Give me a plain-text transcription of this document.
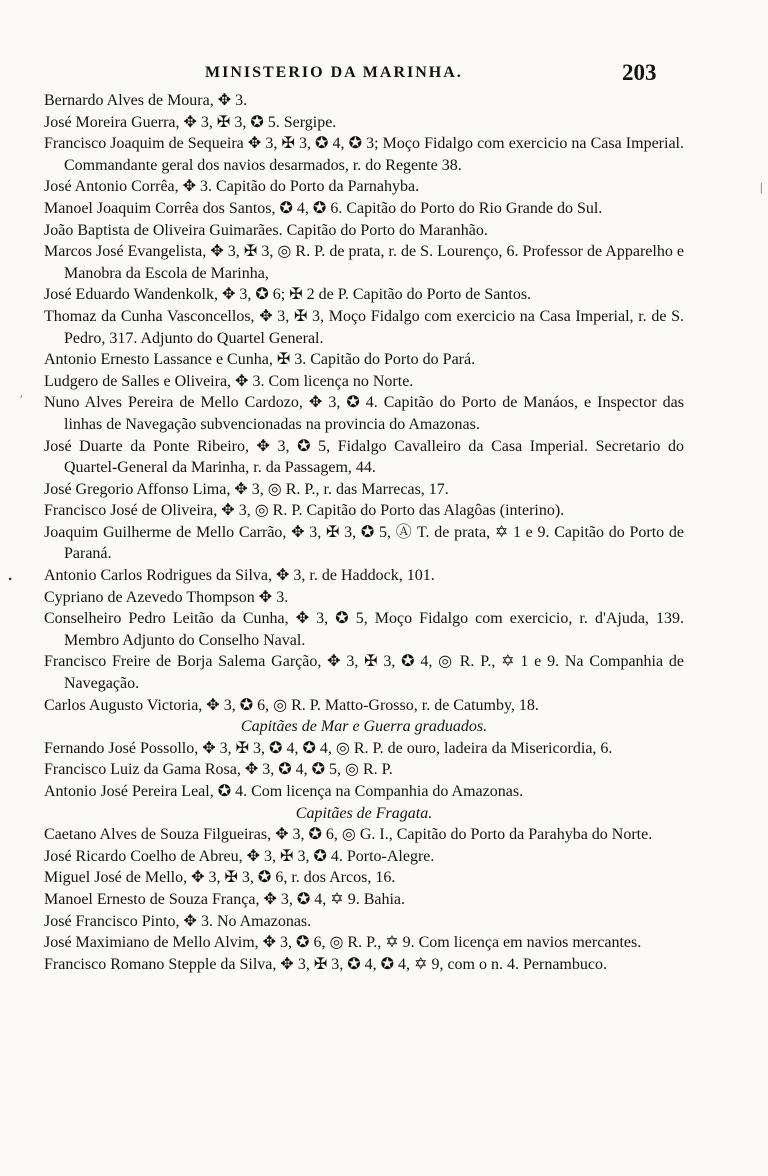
MINISTERIO DA MARINHA.	203
|
′
•

Bernardo Alves de Moura, ✥ 3.

José Moreira Guerra, ✥ 3, ✠ 3, ✪ 5. Sergipe.

Francisco Joaquim de Sequeira ✥ 3, ✠ 3, ✪ 4, ✪ 3; Moço Fidalgo com exercicio na Casa Imperial. Commandante geral dos navios desarmados, r. do Regente 38.

José Antonio Corrêa, ✥ 3. Capitão do Porto da Parnahyba.

Manoel Joaquim Corrêa dos Santos, ✪ 4, ✪ 6. Capitão do Porto do Rio Grande do Sul.

João Baptista de Oliveira Guimarães. Capitão do Porto do Maranhão.

Marcos José Evangelista, ✥ 3, ✠ 3, ◎ R. P. de prata, r. de S. Lourenço, 6. Professor de Apparelho e Manobra da Escola de Marinha,

José Eduardo Wandenkolk, ✥ 3, ✪ 6; ✠ 2 de P. Capitão do Porto de Santos.

Thomaz da Cunha Vasconcellos, ✥ 3, ✠ 3, Moço Fidalgo com exercicio na Casa Imperial, r. de S. Pedro, 317. Adjunto do Quartel General.

Antonio Ernesto Lassance e Cunha, ✠ 3. Capitão do Porto do Pará.

Ludgero de Salles e Oliveira, ✥ 3. Com licença no Norte.

Nuno Alves Pereira de Mello Cardozo, ✥ 3, ✪ 4. Capitão do Porto de Manáos, e Inspector das linhas de Navegação subvencionadas na provincia do Amazonas.

José Duarte da Ponte Ribeiro, ✥ 3, ✪ 5, Fidalgo Cavalleiro da Casa Imperial. Secretario do Quartel-General da Marinha, r. da Passagem, 44.

José Gregorio Affonso Lima, ✥ 3, ◎ R. P., r. das Marrecas, 17.

Francisco José de Oliveira, ✥ 3, ◎ R. P. Capitão do Porto das Alagôas (interino).

Joaquim Guilherme de Mello Carrão, ✥ 3, ✠ 3, ✪ 5, Ⓐ T. de prata, ✡ 1 e 9. Capitão do Porto de Paraná.

Antonio Carlos Rodrigues da Silva, ✥ 3, r. de Haddock, 101.

Cypriano de Azevedo Thompson ✥ 3.

Conselheiro Pedro Leitão da Cunha, ✥ 3, ✪ 5, Moço Fidalgo com exercicio, r. d'Ajuda, 139. Membro Adjunto do Conselho Naval.

Francisco Freire de Borja Salema Garção, ✥ 3, ✠ 3, ✪ 4, ◎ R. P., ✡ 1 e 9. Na Companhia de Navegação.

Carlos Augusto Victoria, ✥ 3, ✪ 6, ◎ R. P. Matto-Grosso, r. de Catumby, 18.

Capitães de Mar e Guerra graduados.

Fernando José Possollo, ✥ 3, ✠ 3, ✪ 4, ✪ 4, ◎ R. P. de ouro, ladeira da Misericordia, 6.

Francisco Luiz da Gama Rosa, ✥ 3, ✪ 4, ✪ 5, ◎ R. P.

Antonio José Pereira Leal, ✪ 4. Com licença na Companhia do Amazonas.

Capitães de Fragata.

Caetano Alves de Souza Filgueiras, ✥ 3, ✪ 6, ◎ G. I., Capitão do Porto da Parahyba do Norte.

José Ricardo Coelho de Abreu, ✥ 3, ✠ 3, ✪ 4. Porto-Alegre.

Miguel José de Mello, ✥ 3, ✠ 3, ✪ 6, r. dos Arcos, 16.

Manoel Ernesto de Souza França, ✥ 3, ✪ 4, ✡ 9. Bahia.

José Francisco Pinto, ✥ 3. No Amazonas.

José Maximiano de Mello Alvim, ✥ 3, ✪ 6, ◎ R. P., ✡ 9. Com licença em navios mercantes.

Francisco Romano Stepple da Silva, ✥ 3, ✠ 3, ✪ 4, ✪ 4, ✡ 9, com o n. 4. Pernambuco.
